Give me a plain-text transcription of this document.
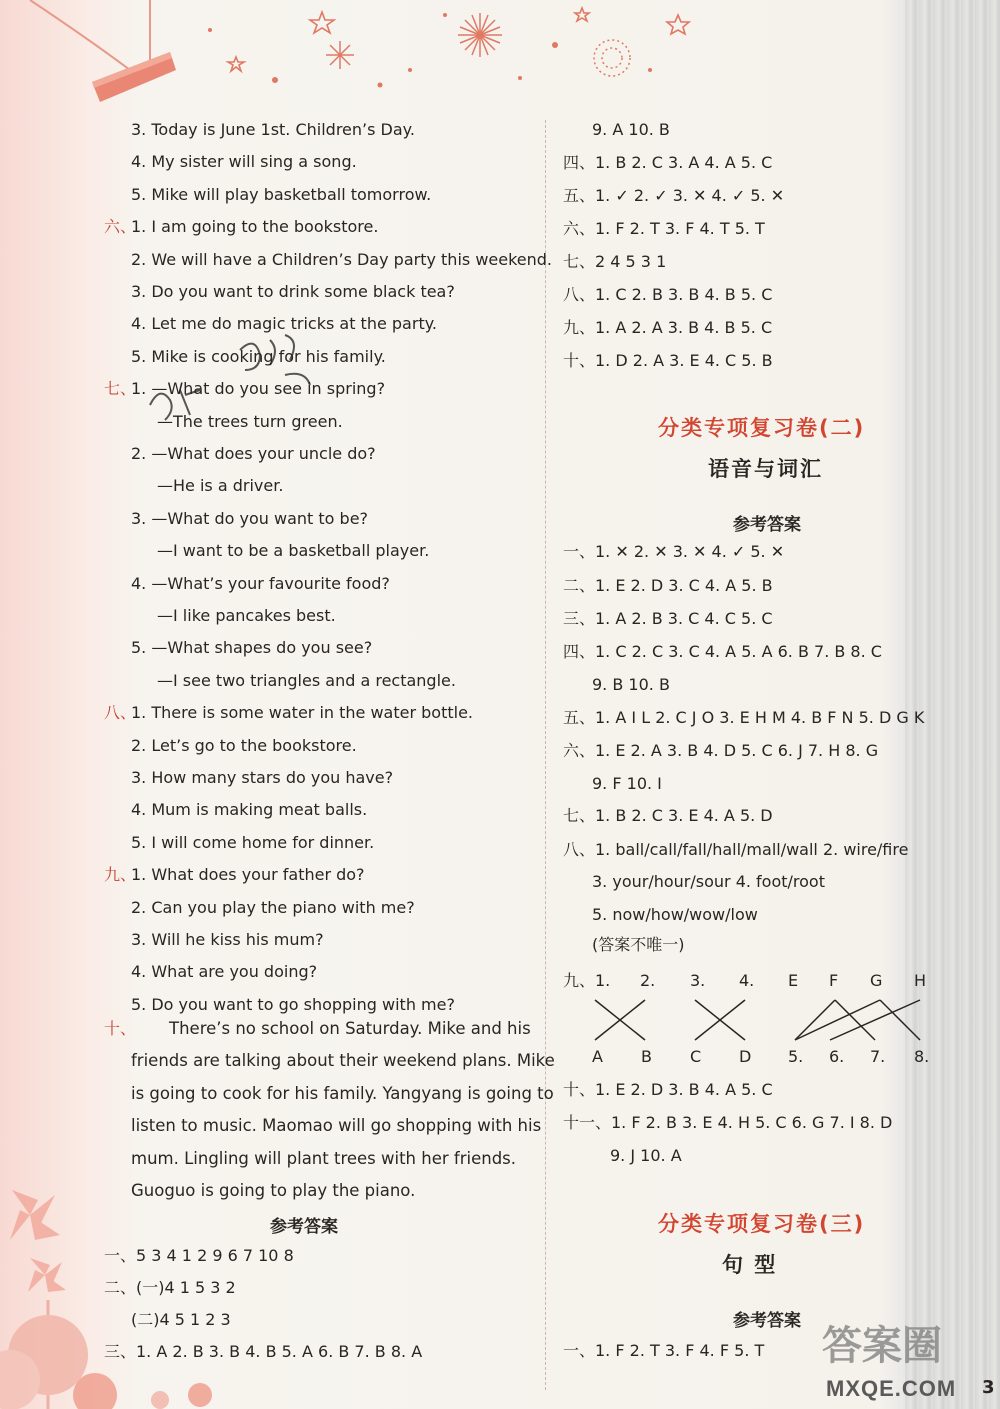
3. Today is June 1st. Children’s Day.
4. My sister will sing a song.
5. Mike will play basketball tomorrow.
六、
1. I am going to the bookstore.
2. We will have a Children’s Day party this weekend.
3. Do you want to drink some black tea?
4. Let me do magic tricks at the party.
5. Mike is cooking for his family.
七、
1. —What do you see in spring?
—The trees turn green.
2. —What does your uncle do?
—He is a driver.
3. —What do you want to be?
—I want to be a basketball player.
4. —What’s your favourite food?
—I like pancakes best.
5. —What shapes do you see?
—I see two triangles and a rectangle.
八、
1. There is some water in the water bottle.
2. Let’s go to the bookstore.
3. How many stars do you have?
4. Mum is making meat balls.
5. I will come home for dinner.
九、
1. What does your father do?
2. Can you play the piano with me?
3. Will he kiss his mum?
4. What are you doing?
5. Do you want to go shopping with me?
十、 There’s no school on Saturday. Mike and his
friends are talking about their weekend plans. Mike
is going to cook for his family. Yangyang is going to
listen to music. Maomao will go shopping with his
mum. Lingling will plant trees with her friends.
Guoguo is going to play the piano.
参考答案
一、5 3 4 1 2 9 6 7 10 8
二、(一)4 1 5 3 2
(二)4 5 1 2 3
三、1. A 2. B 3. B 4. B 5. A 6. B 7. B 8. A
9. A 10. B
四、1. B 2. C 3. A 4. A 5. C
五、1. ✓ 2. ✓ 3. ✕ 4. ✓ 5. ✕
六、1. F 2. T 3. F 4. T 5. T
七、2 4 5 3 1
八、1. C 2. B 3. B 4. B 5. C
九、1. A 2. A 3. B 4. B 5. C
十、1. D 2. A 3. E 4. C 5. B
分类专项复习卷(二)
语音与词汇
参考答案
一、1. ✕ 2. ✕ 3. ✕ 4. ✓ 5. ✕
二、1. E 2. D 3. C 4. A 5. B
三、1. A 2. B 3. C 4. C 5. C
四、1. C 2. C 3. C 4. A 5. A 6. B 7. B 8. C
9. B 10. B
五、1. A I L 2. C J O 3. E H M 4. B F N 5. D G K
六、1. E 2. A 3. B 4. D 5. C 6. J 7. H 8. G
9. F 10. I
七、1. B 2. C 3. E 4. A 5. D
八、1. ball/call/fall/hall/mall/wall 2. wire/fire
3. your/hour/sour 4. foot/root
5. now/how/wow/low
(答案不唯一)
九、1. 2. 3. 4. E F G H
A B C D 5. 6. 7. 8.
十、1. E 2. D 3. B 4. A 5. C
十一、1. F 2. B 3. E 4. H 5. C 6. G 7. I 8. D
9. J 10. A
分类专项复习卷(三)
句 型
参考答案
一、1. F 2. T 3. F 4. F 5. T 答案圈
MXQE.COM 3
